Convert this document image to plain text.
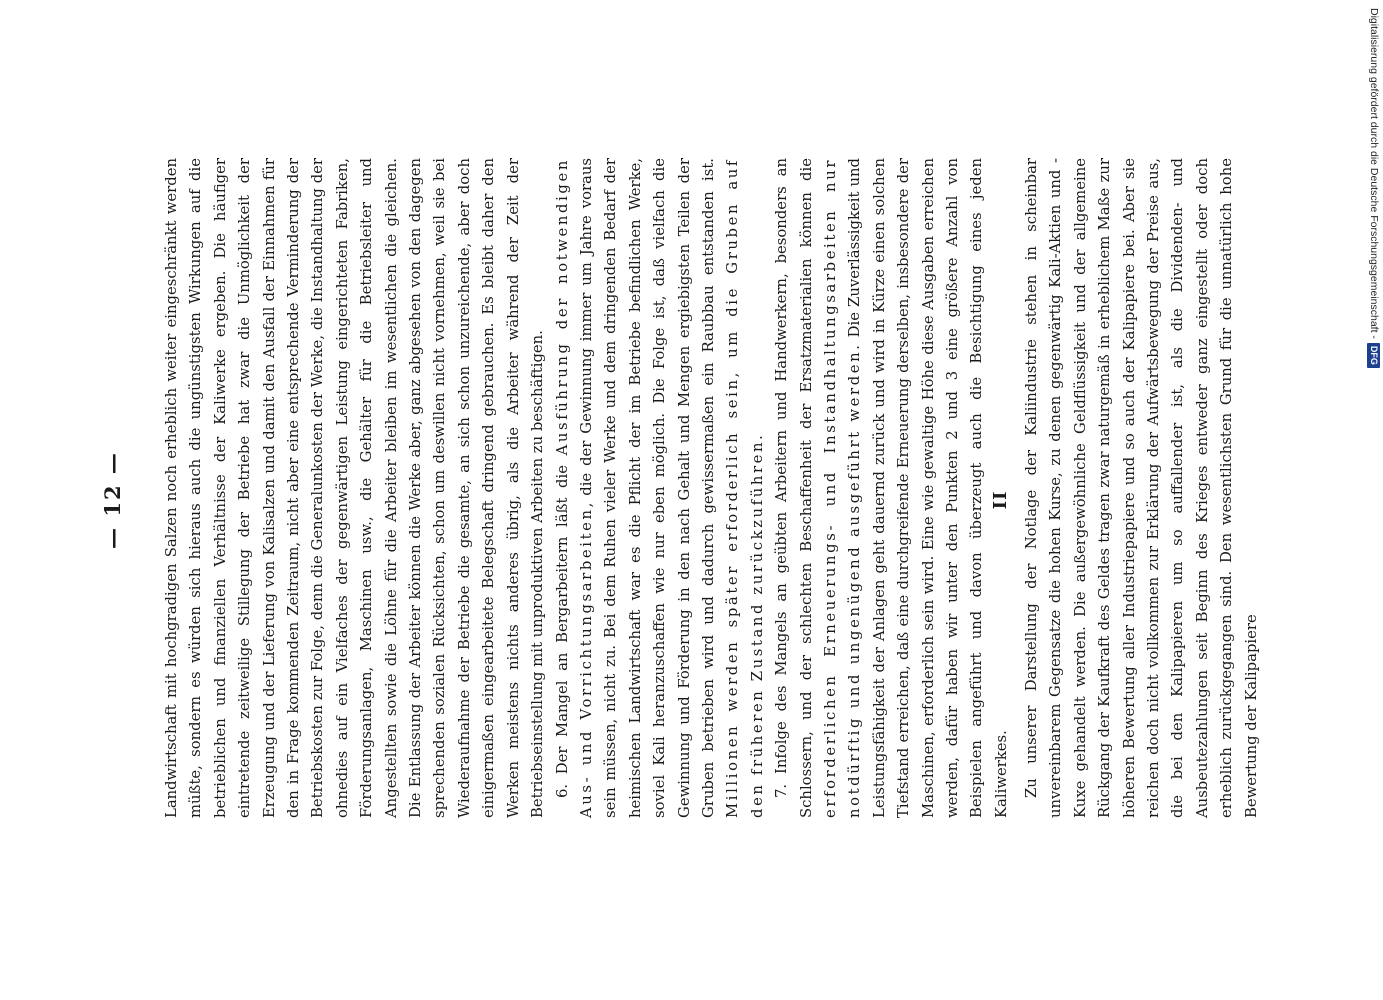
— 12 —	Landwirtschaft mit hochgradigen Salzen noch erheblich weiter eingeschränkt werden müßte, sondern es würden sich hieraus auch die ungünstigsten Wirkungen auf die betrieblichen und finanziellen Verhältnisse der Kaliwerke ergeben. Die häufiger eintretende zeitweilige Stillegung der Betriebe hat zwar die Unmöglichkeit der Erzeugung und der Lieferung von Kalisalzen und damit den Ausfall der Einnahmen für den in Frage kommenden Zeitraum, nicht aber eine entsprechende Verminderung der Betriebskosten zur Folge, denn die Generalunkosten der Werke, die Instandhaltung der ohnedies auf ein Vielfaches der gegenwärtigen Leistung eingerichteten Fabriken, Förderungsanlagen, Maschinen usw., die Gehälter für die Betriebsleiter und Angestellten sowie die Löhne für die Arbeiter bleiben im wesentlichen die gleichen. Die Entlassung der Arbeiter können die Werke aber, ganz abgesehen von den dagegen sprechenden sozialen Rücksichten, schon um deswillen nicht vornehmen, weil sie bei Wiederaufnahme der Betriebe die gesamte, an sich schon unzureichende, aber doch einigermaßen eingearbeitete Belegschaft dringend gebrauchen. Es bleibt daher den Werken meistens nichts anderes übrig, als die Arbeiter während der Zeit der Betriebseinstellung mit unproduktiven Arbeiten zu beschäftigen. 6. Der Mangel an Bergarbeitern läßt die Ausführung der notwendigen Aus- und Vorrichtungsarbeiten, die der Gewinnung immer um Jahre voraus sein müssen, nicht zu. Bei dem Ruhen vieler Werke und dem dringenden Bedarf der heimischen Landwirtschaft war es die Pflicht der im Betriebe befindlichen Werke, soviel Kali heranzuschaffen wie nur eben möglich. Die Folge ist, daß vielfach die Gewinnung und Förderung in den nach Gehalt und Mengen ergiebigsten Teilen der Gruben betrieben wird und dadurch gewissermaßen ein Raubbau entstanden ist. Millionen werden später erforderlich sein, um die Gruben auf den früheren Zustand zurückzuführen. 7. Infolge des Mangels an geübten Arbeitern und Handwerkern, besonders an Schlossern, und der schlechten Beschaffenheit der Ersatzmaterialien können die erforderlichen Erneuerungs- und Instandhaltungsarbeiten nur notdürftig und ungenügend ausgeführt werden. Die Zuverlässigkeit und Leistungsfähigkeit der Anlagen geht dauernd zurück und wird in Kürze einen solchen Tiefstand erreichen, daß eine durchgreifende Erneuerung derselben, insbesondere der Maschinen, erforderlich sein wird. Eine wie gewaltige Höhe diese Ausgaben erreichen werden, dafür haben wir unter den Punkten 2 und 3 eine größere Anzahl von Beispielen angeführt und davon überzeugt auch die Besichtigung eines jeden Kaliwerkes.

II Zu unserer Darstellung der Notlage der Kaliindustrie stehen in scheinbar unvereinbarem Gegensatze die hohen Kurse, zu denen gegenwärtig Kali-Aktien und -Kuxe gehandelt werden. Die außergewöhnliche Geldflüssigkeit und der allgemeine Rückgang der Kaufkraft des Geldes tragen zwar naturgemäß in erheblichem Maße zur höheren Bewertung aller Industriepapiere und so auch der Kalipapiere bei. Aber sie reichen doch nicht vollkommen zur Erklärung der Aufwärtsbewegung der Preise aus, die bei den Kalipapieren um so auffallender ist, als die Dividenden- und Ausbeutezahlungen seit Beginn des Krieges entweder ganz eingestellt oder doch erheblich zurückgegangen sind. Den wesentlichsten Grund für die unnatürlich hohe Bewertung der Kalipapiere

Digitalisierung gefördert durch die Deutsche Forschungsgemeinschaft -
DFG
